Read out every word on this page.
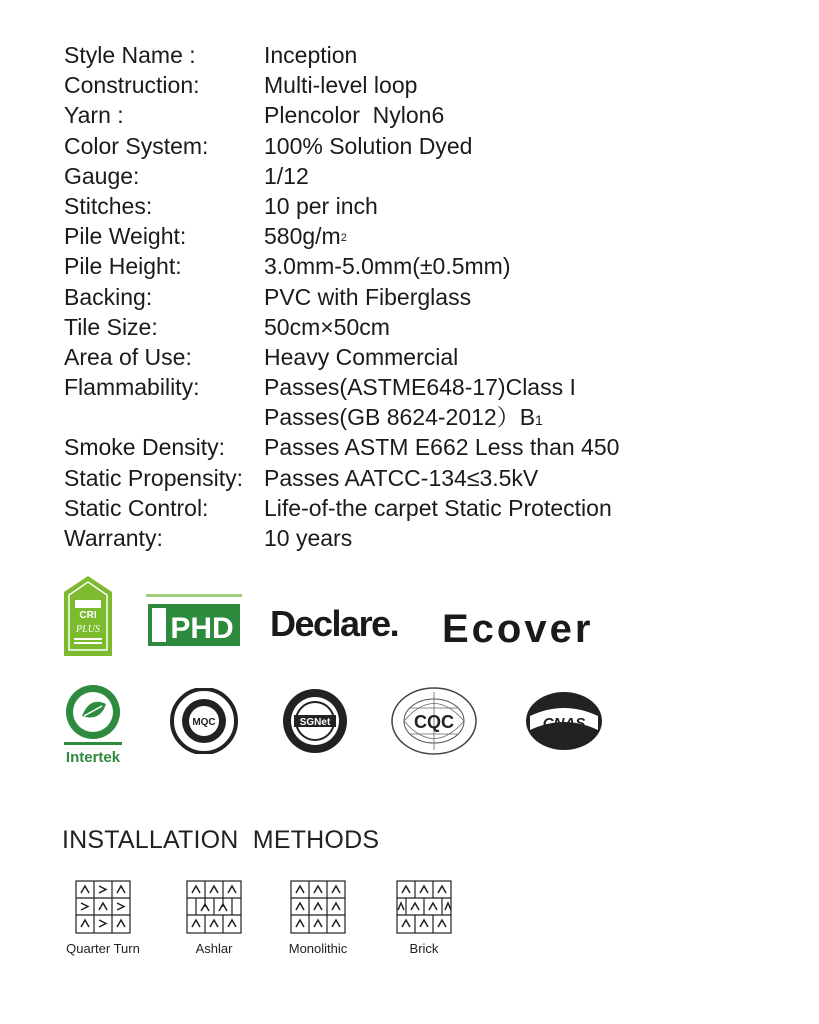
Style Name :	Inception
Construction:	Multi-level loop
Yarn :	Plencolor  Nylon6
Color System:	100% Solution Dyed
Gauge:	1/12
Stitches:	10 per inch
Pile Weight:	$580g/m^2$
Pile Height:	3.0mm-5.0mm(±0.5mm)
Backing:	PVC with Fiberglass
Tile Size:	50cm×50cm
Area of Use:	Heavy Commercial
Flammability:	Passes(ASTME648-17)Class I
Passes(GB 8624-2012）B1
Smoke Density:	Passes ASTM E662 Less than 450
Static Propensity: Passes AATCC-134≤3.5kV
Static Control:	Life-of-the carpet Static Protection
Warranty:	10 years
CRI
PLUS PHD Declare. Ecover
Intertek
MQC	SGNet	CQC	CNAS
INSTALLATION  METHODS
Quarter Turn	Ashlar	Monolithic	Brick
